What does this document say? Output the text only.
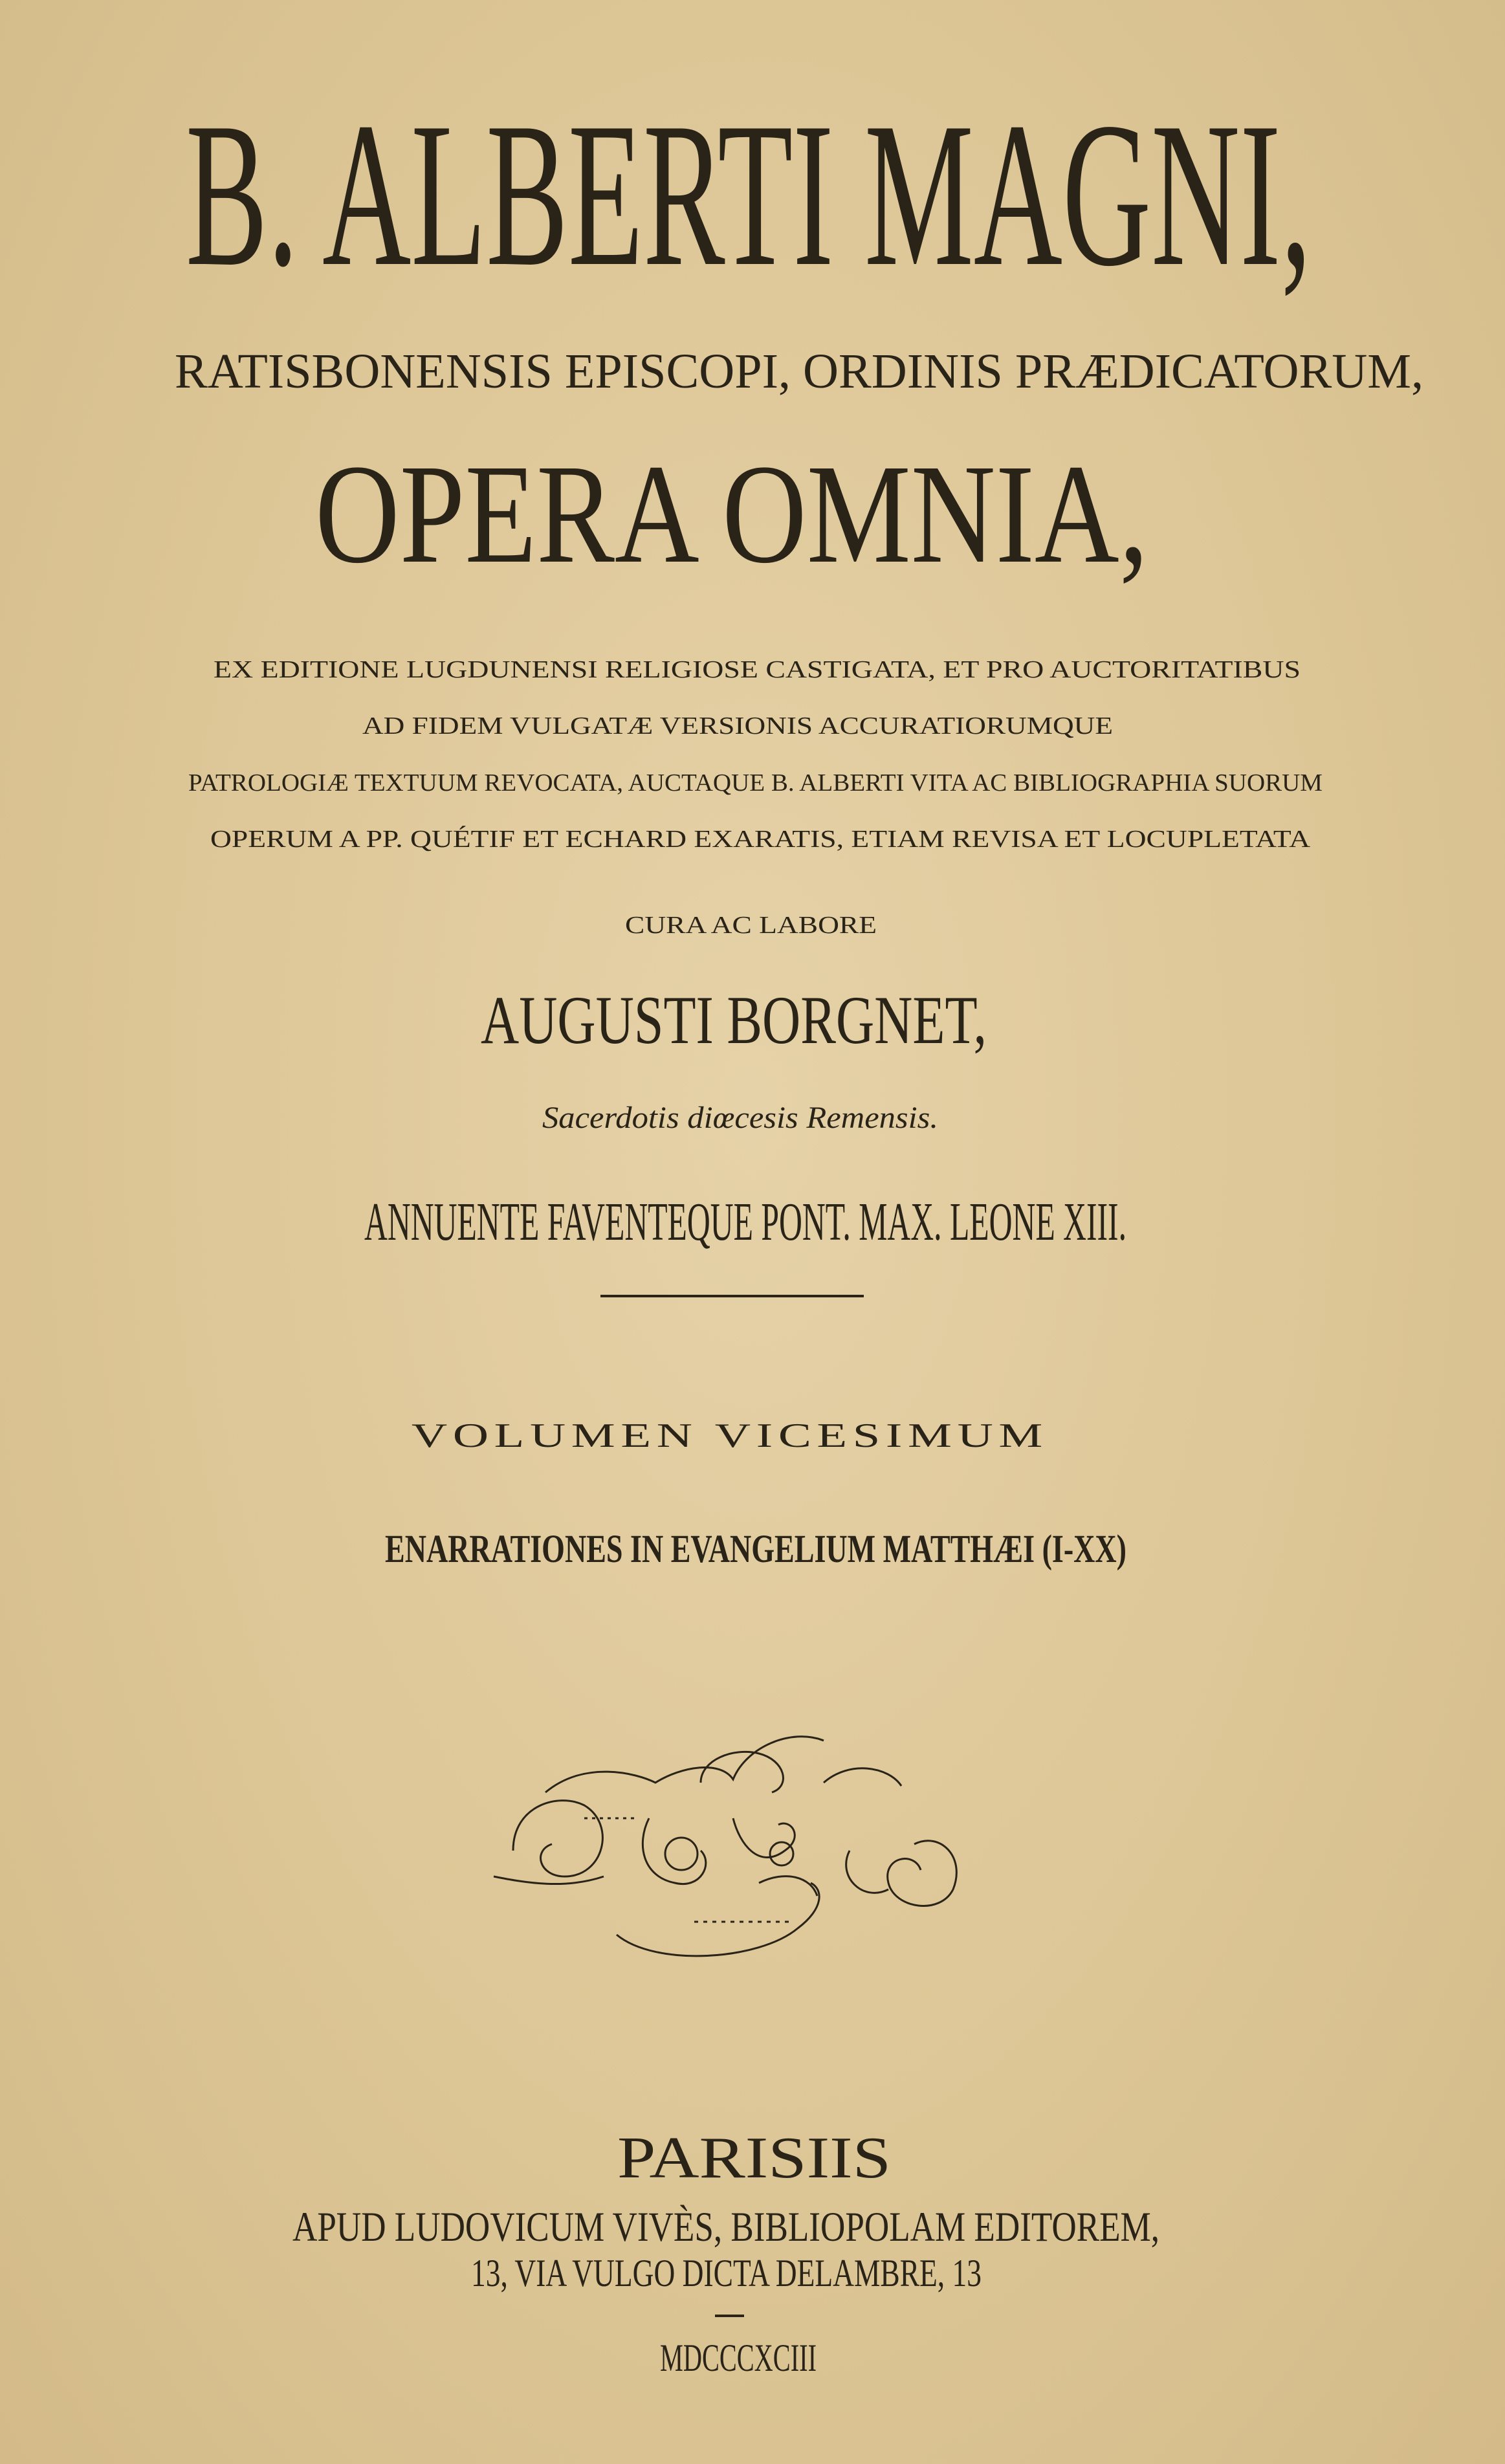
B. ALBERTI MAGNI,
RATISBONENSIS EPISCOPI, ORDINIS PRÆDICATORUM,
OPERA OMNIA,
EX EDITIONE LUGDUNENSI RELIGIOSE CASTIGATA, ET PRO AUCTORITATIBUS
AD FIDEM VULGATÆ VERSIONIS ACCURATIORUMQUE
PATROLOGIÆ TEXTUUM REVOCATA, AUCTAQUE B. ALBERTI VITA AC BIBLIOGRAPHIA SUORUM
OPERUM A PP. QUÉTIF ET ECHARD EXARATIS, ETIAM REVISA ET LOCUPLETATA
CURA AC LABORE
AUGUSTI BORGNET,
Sacerdotis diœcesis Remensis.
ANNUENTE FAVENTEQUE PONT. MAX. LEONE XIII.
VOLUMEN VICESIMUM
ENARRATIONES IN EVANGELIUM MATTHÆI (I-XX)
PARISIIS
APUD LUDOVICUM VIVÈS, BIBLIOPOLAM EDITOREM,
13, VIA VULGO DICTA DELAMBRE, 13
MDCCCXCIII
